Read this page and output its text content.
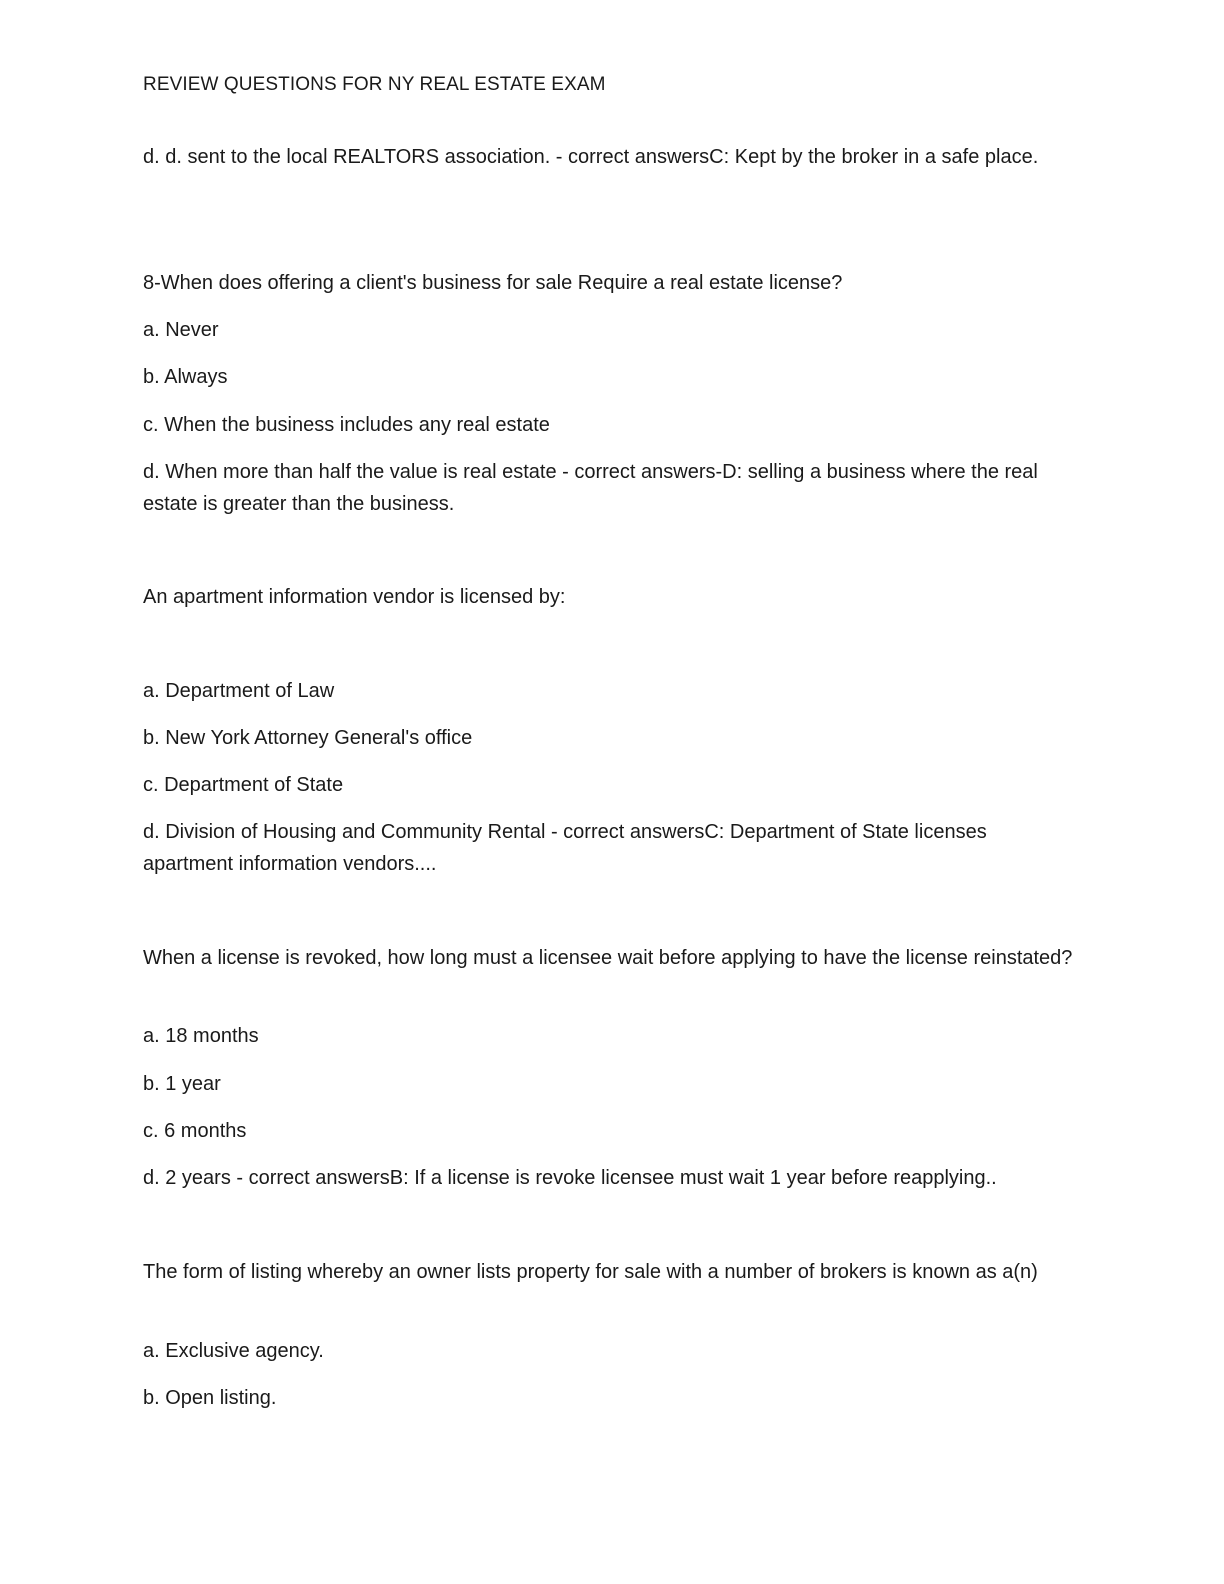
REVIEW QUESTIONS FOR NY REAL ESTATE EXAM

d. d. sent to the local REALTORS association. - correct answersC: Kept by the broker in a safe place.

8-When does offering a client's business for sale Require a real estate license?

a. Never

b. Always

c. When the business includes any real estate

d. When more than half the value is real estate - correct answers-D: selling a business where the real estate is greater than the business.

An apartment information vendor is licensed by:

a. Department of Law

b. New York Attorney General's office

c. Department of State

d. Division of Housing and Community Rental - correct answersC: Department of State licenses apartment information vendors....

When a license is revoked, how long must a licensee wait before applying to have the license reinstated?

a. 18 months

b. 1 year

c. 6 months

d. 2 years - correct answersB: If a license is revoke licensee must wait 1 year before reapplying..

The form of listing whereby an owner lists property for sale with a number of brokers is known as a(n)

a. Exclusive agency.

b. Open listing.
